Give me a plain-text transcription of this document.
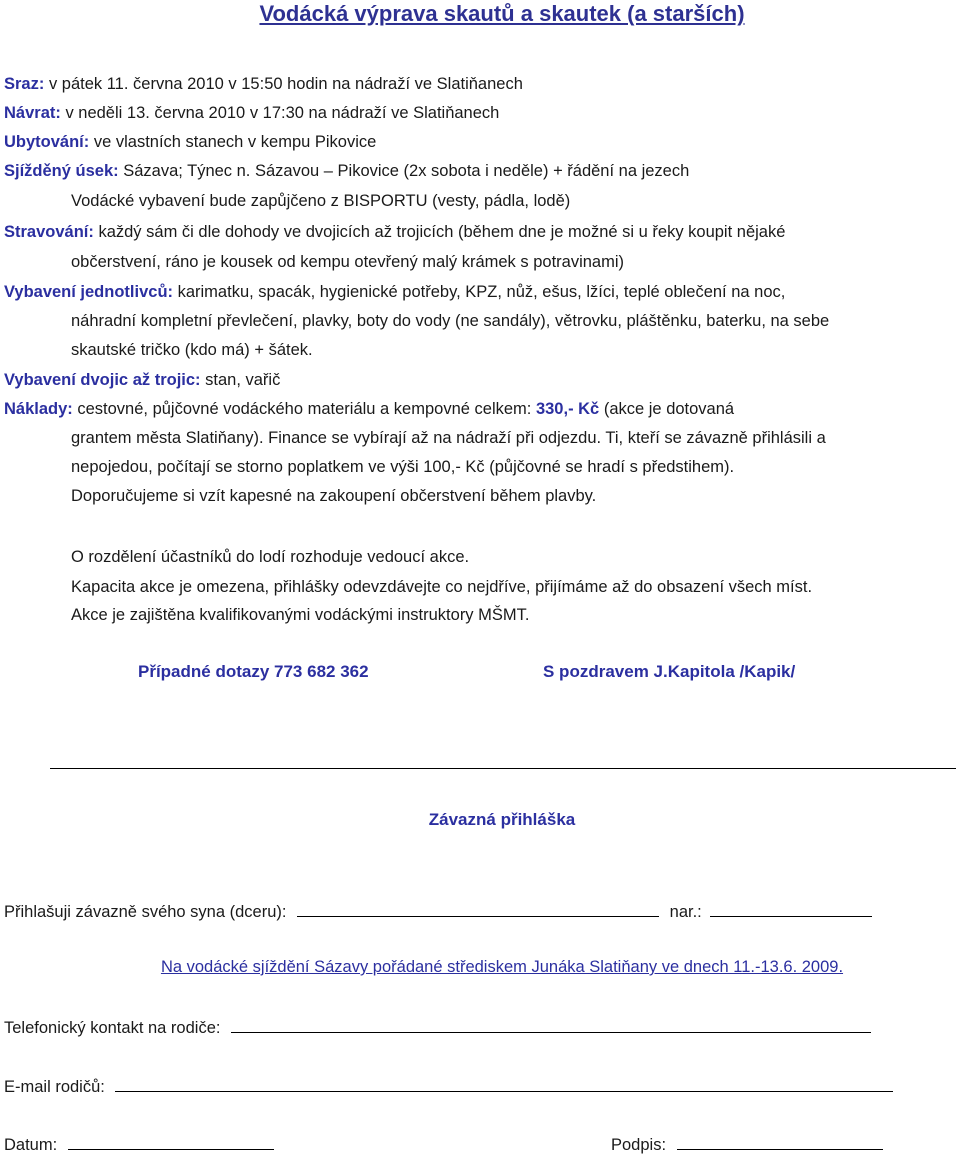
Vodácká výprava skautů a skautek (a starších)
Sraz: v pátek 11. června 2010 v 15:50 hodin na nádraží ve Slatiňanech
Návrat: v neděli 13. června 2010 v 17:30 na nádraží ve Slatiňanech
Ubytování: ve vlastních stanech v kempu Pikovice
Sjížděný úsek: Sázava; Týnec n. Sázavou – Pikovice (2x sobota i neděle) + řádění na jezech
Vodácké vybavení bude zapůjčeno z BISPORTU (vesty, pádla, lodě)
Stravování: každý sám či dle dohody ve dvojicích až trojicích (během dne je možné si u řeky koupit nějaké
občerstvení, ráno je kousek od kempu otevřený malý krámek s potravinami)
Vybavení jednotlivců: karimatku, spacák, hygienické potřeby, KPZ, nůž, ešus, lžíci, teplé oblečení na noc,
náhradní kompletní převlečení, plavky, boty do vody (ne sandály), větrovku, pláštěnku, baterku, na sebe
skautské tričko (kdo má) + šátek.
Vybavení dvojic až trojic: stan, vařič
Náklady: cestovné, půjčovné vodáckého materiálu a kempovné celkem: 330,- Kč (akce je dotovaná
grantem města Slatiňany). Finance se vybírají až na nádraží při odjezdu. Ti, kteří se závazně přihlásili a
nepojedou, počítají se storno poplatkem ve výši 100,- Kč (půjčovné se hradí s předstihem).
Doporučujeme si vzít kapesné na zakoupení občerstvení během plavby.
O rozdělení účastníků do lodí rozhoduje vedoucí akce.
Kapacita akce je omezena, přihlášky odevzdávejte co nejdříve, přijímáme až do obsazení všech míst.
Akce je zajištěna kvalifikovanými vodáckými instruktory MŠMT.
Případné dotazy 773 682 362	S pozdravem J.Kapitola /Kapik/
Závazná přihláška
Přihlašuji závazně svého syna (dceru):	nar.:
Na vodácké sjíždění Sázavy pořádané střediskem Junáka Slatiňany ve dnech 11.-13.6. 2009.
Telefonický kontakt na rodiče:
E-mail rodičů:
Datum:	Podpis:
